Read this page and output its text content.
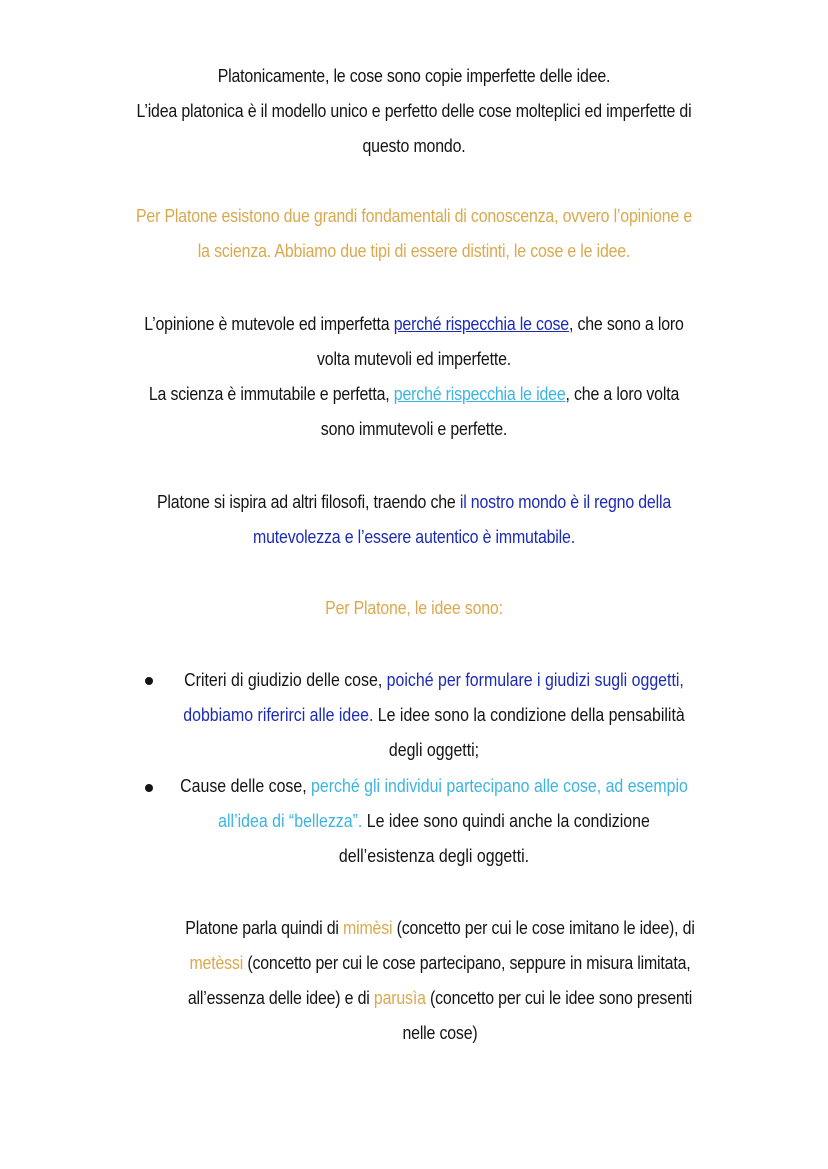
Platonicamente, le cose sono copie imperfette delle idee.
L’idea platonica è il modello unico e perfetto delle cose molteplici ed imperfette di questo mondo.
Per Platone esistono due grandi fondamentali di conoscenza, ovvero l’opinione e la scienza. Abbiamo due tipi di essere distinti, le cose e le idee.
L’opinione è mutevole ed imperfetta perché rispecchia le cose, che sono a loro volta mutevoli ed imperfette.
La scienza è immutabile e perfetta, perché rispecchia le idee, che a loro volta sono immutevoli e perfette.
Platone si ispira ad altri filosofi, traendo che il nostro mondo è il regno della mutevolezza e l’essere autentico è immutabile.
Per Platone, le idee sono:
Criteri di giudizio delle cose, poiché per formulare i giudizi sugli oggetti, dobbiamo riferirci alle idee. Le idee sono la condizione della pensabilità degli oggetti;
Cause delle cose, perché gli individui partecipano alle cose, ad esempio all’idea di “bellezza”. Le idee sono quindi anche la condizione dell’esistenza degli oggetti.
Platone parla quindi di mimèsi (concetto per cui le cose imitano le idee), di metèssi (concetto per cui le cose partecipano, seppure in misura limitata, all’essenza delle idee) e di parusìa (concetto per cui le idee sono presenti nelle cose)
